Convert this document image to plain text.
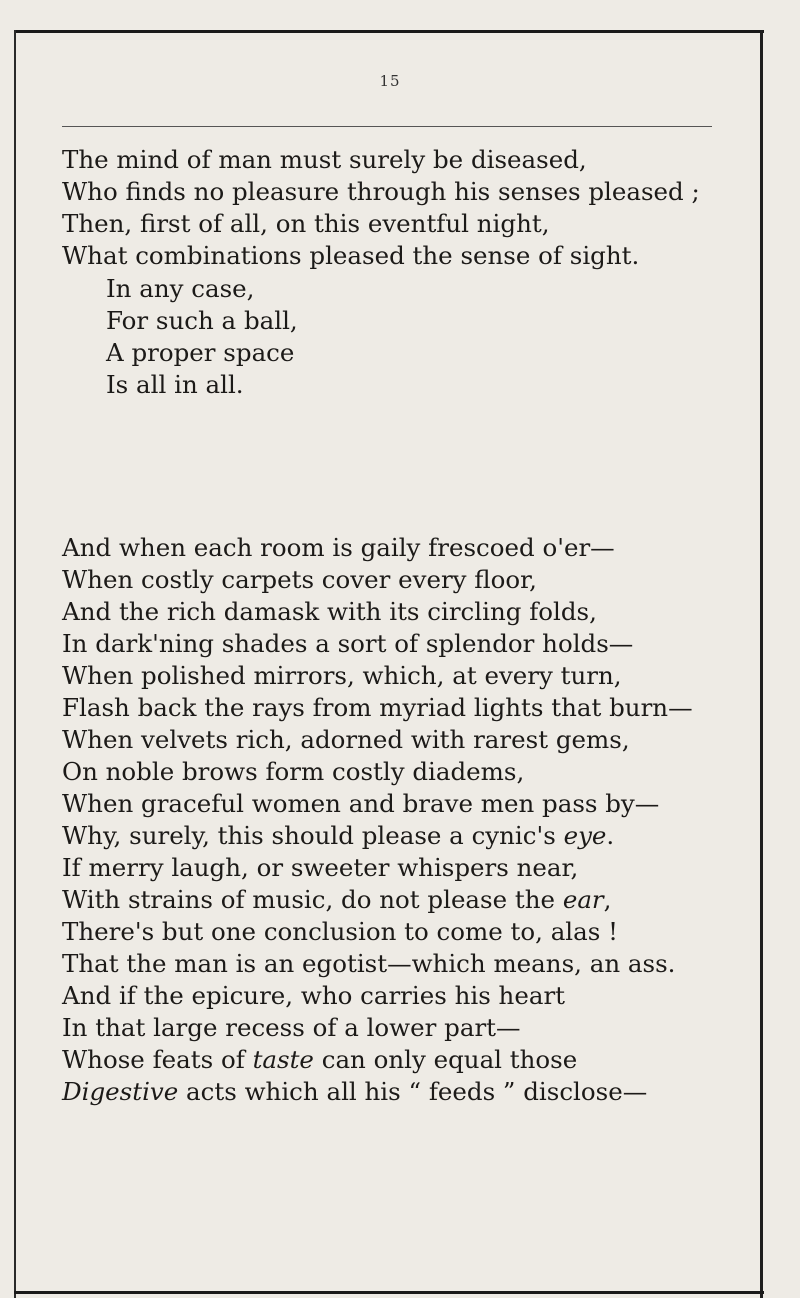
15
The mind of man must surely be diseased,
Who finds no pleasure through his senses pleased ;
Then, first of all, on this eventful night,
What combinations pleased the sense of sight.
In any case,
For such a ball,
A proper space
Is all in all.
And when each room is gaily frescoed o'er—
When costly carpets cover every floor,
And the rich damask with its circling folds,
In dark'ning shades a sort of splendor holds—
When polished mirrors, which, at every turn,
Flash back the rays from myriad lights that burn—
When velvets rich, adorned with rarest gems,
On noble brows form costly diadems,
When graceful women and brave men pass by—
Why, surely, this should please a cynic's eye.
If merry laugh, or sweeter whispers near,
With strains of music, do not please the ear,
There's but one conclusion to come to, alas !
That the man is an egotist—which means, an ass.
And if the epicure, who carries his heart
In that large recess of a lower part—
Whose feats of taste can only equal those
Digestive acts which all his “ feeds ” disclose—
